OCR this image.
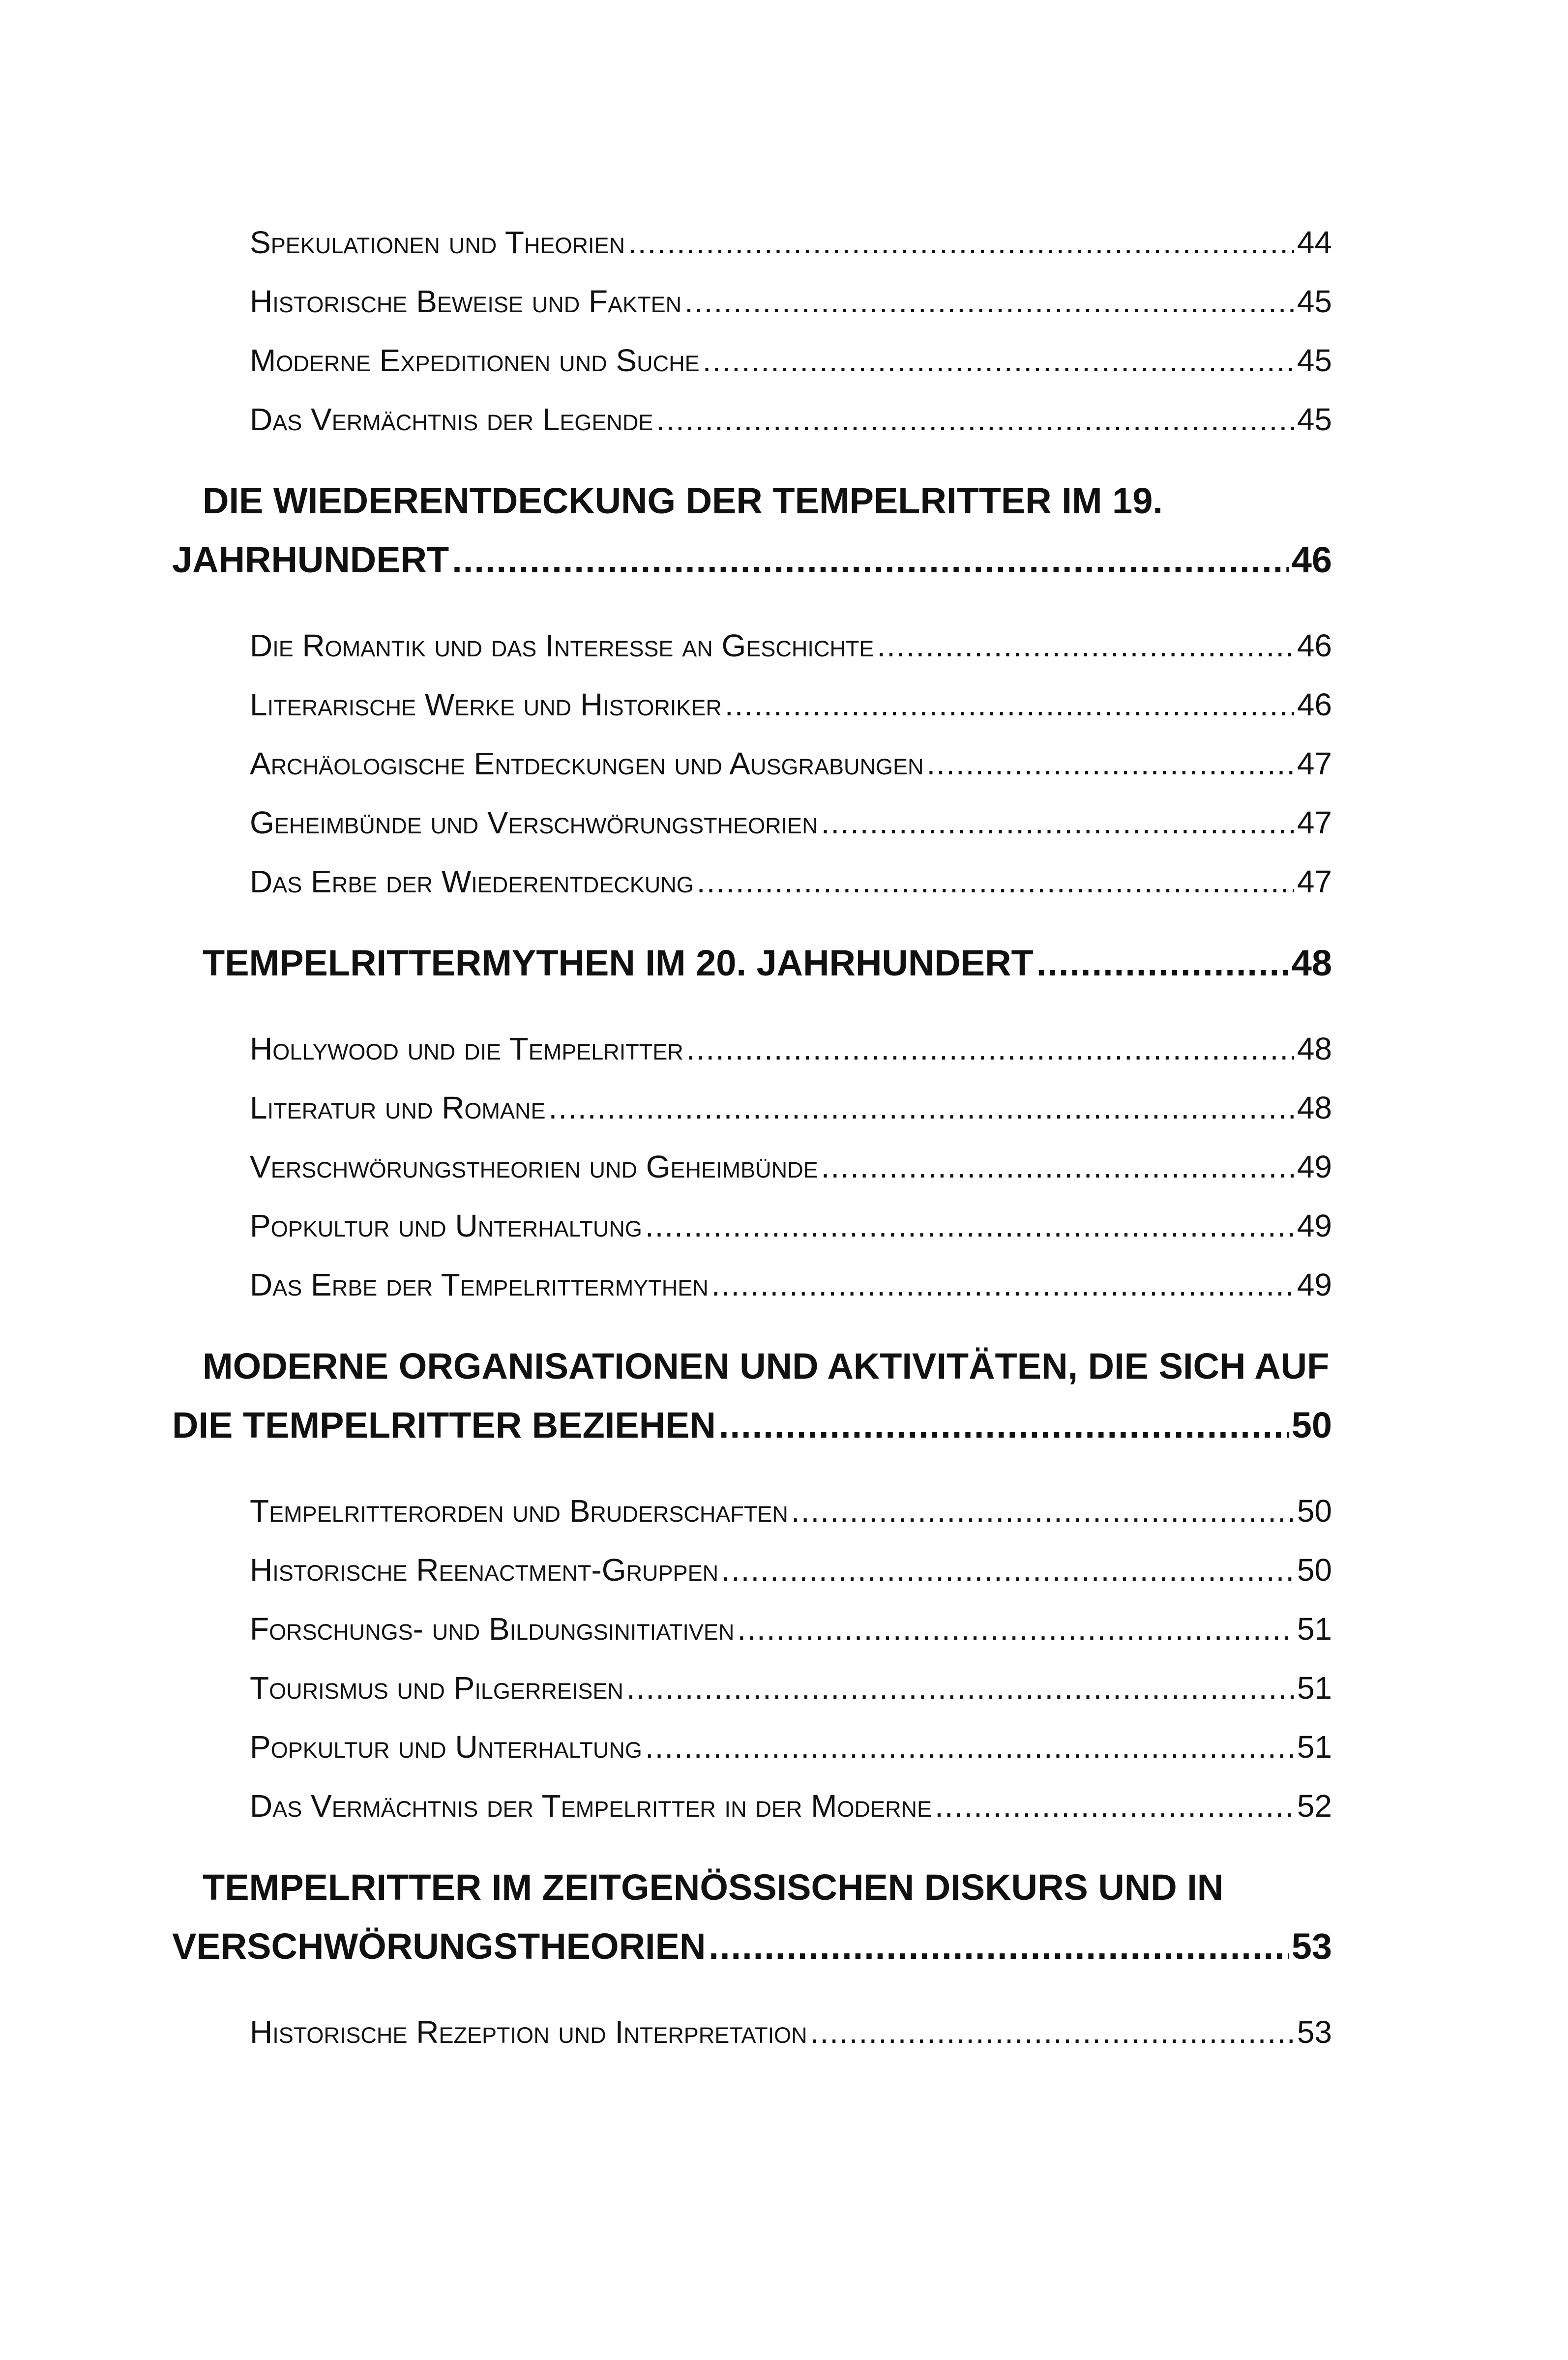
Spekulationen und Theorien .....	44
Historische Beweise und Fakten .....	45
Moderne Expeditionen und Suche .....	45
Das Vermächtnis der Legende .....	45
DIE WIEDERENTDECKUNG DER TEMPELRITTER IM 19.
JAHRHUNDERT .....	46
Die Romantik und das Interesse an Geschichte .....	46
Literarische Werke und Historiker .....	46
Archäologische Entdeckungen und Ausgrabungen .....	47
Geheimbünde und Verschwörungstheorien .....	47
Das Erbe der Wiederentdeckung .....	47
TEMPELRITTERMYTHEN IM 20. JAHRHUNDERT .....	48
Hollywood und die Tempelritter .....	48
Literatur und Romane .....	48
Verschwörungstheorien und Geheimbünde .....	49
Popkultur und Unterhaltung .....	49
Das Erbe der Tempelrittermythen .....	49
MODERNE ORGANISATIONEN UND AKTIVITÄTEN, DIE SICH AUF
DIE TEMPELRITTER BEZIEHEN .....	50
Tempelritterorden und Bruderschaften .....	50
Historische Reenactment-Gruppen .....	50
Forschungs- und Bildungsinitiativen .....	51
Tourismus und Pilgerreisen .....	51
Popkultur und Unterhaltung .....	51
Das Vermächtnis der Tempelritter in der Moderne .....	52
TEMPELRITTER IM ZEITGENÖSSISCHEN DISKURS UND IN
VERSCHWÖRUNGSTHEORIEN .....	53
Historische Rezeption und Interpretation .....	53
